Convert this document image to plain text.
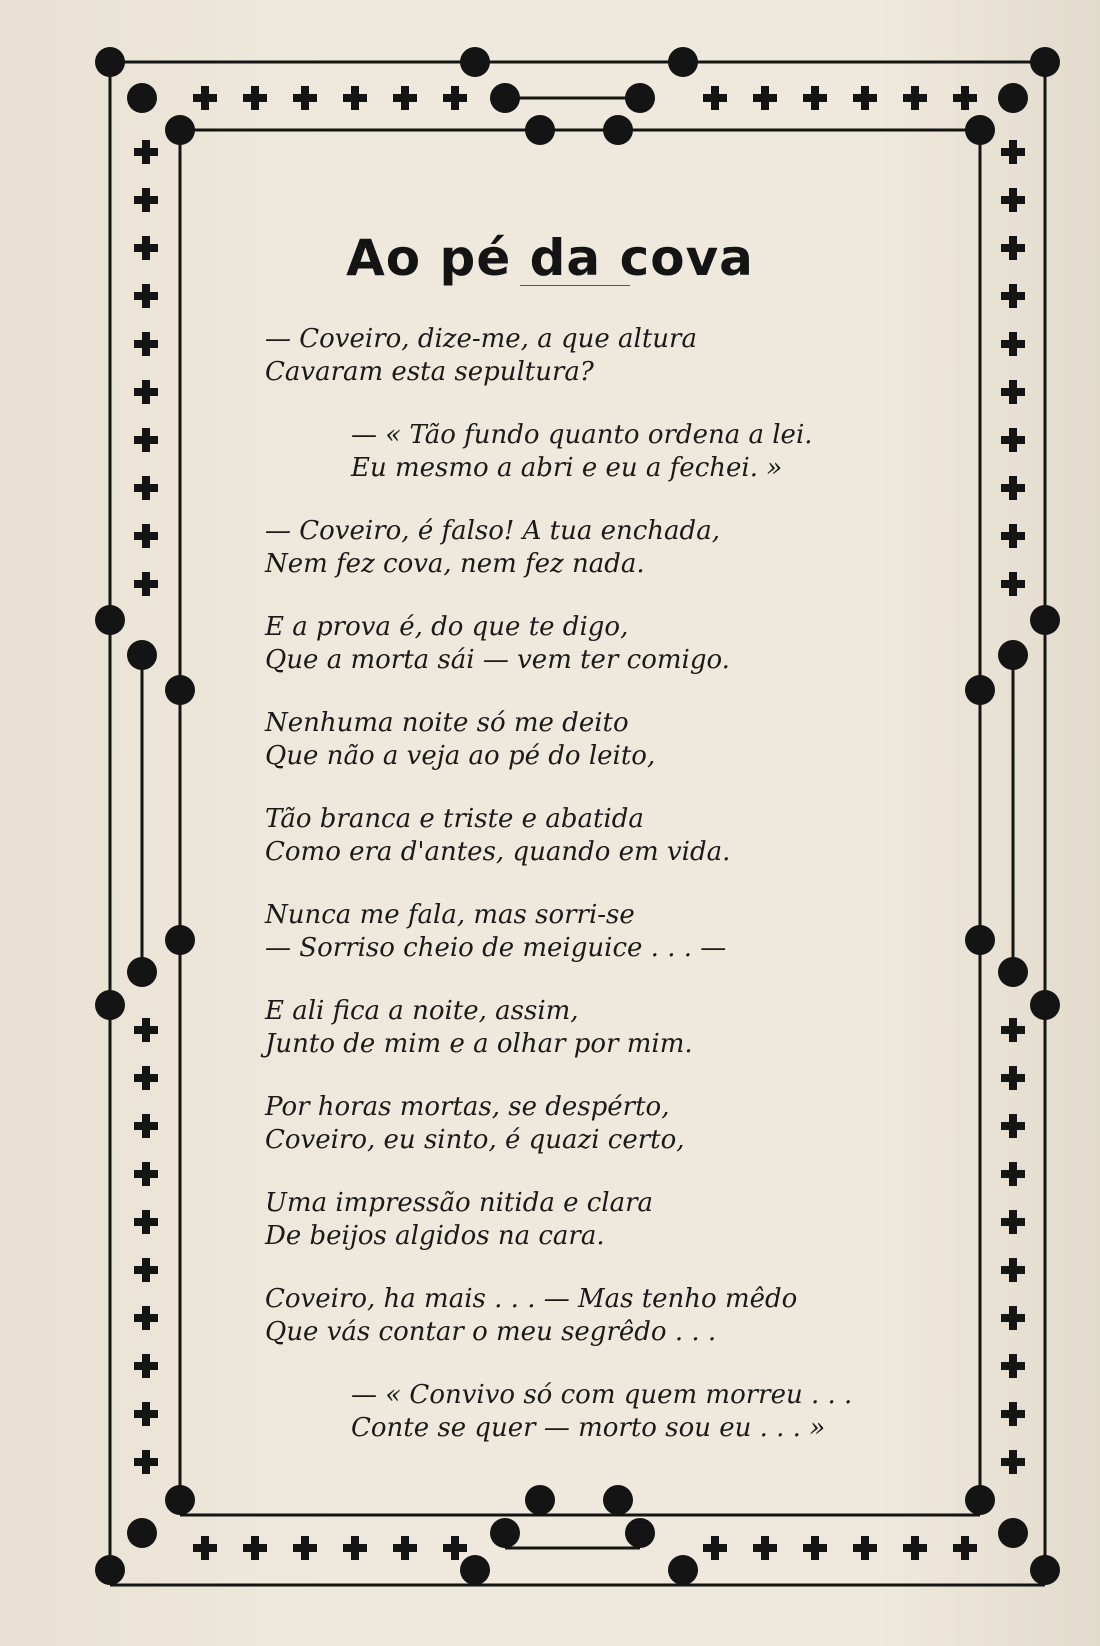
Ao pé da cova
— Coveiro, dize-me, a que altura
Cavaram esta sepultura?
— « Tão fundo quanto ordena a lei.
Eu mesmo a abri e eu a fechei. »
— Coveiro, é falso! A tua enchada,
Nem fez cova, nem fez nada.
E a prova é, do que te digo,
Que a morta sái — vem ter comigo.
Nenhuma noite só me deito
Que não a veja ao pé do leito,
Tão branca e triste e abatida
Como era d'antes, quando em vida.
Nunca me fala, mas sorri-se
— Sorriso cheio de meiguice . . . —
E ali fica a noite, assim,
Junto de mim e a olhar por mim.
Por horas mortas, se despérto,
Coveiro, eu sinto, é quazi certo,
Uma impressão nitida e clara
De beijos algidos na cara.
Coveiro, ha mais . . . — Mas tenho mêdo
Que vás contar o meu segrêdo . . .
— « Convivo só com quem morreu . . .
Conte se quer — morto sou eu . . . »
